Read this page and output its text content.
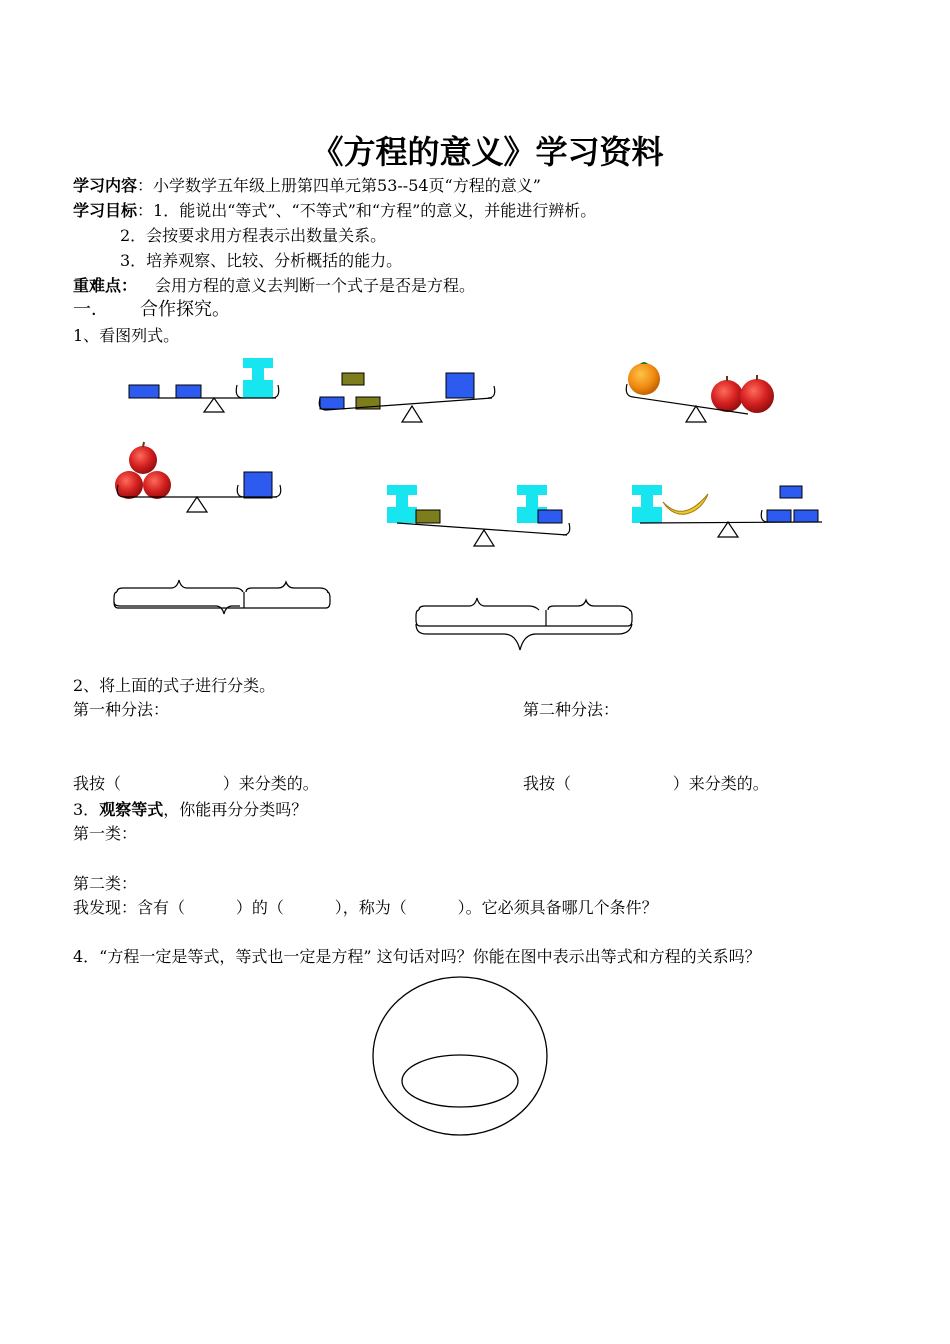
《方程的意义》学习资料
学习内容：小学数学五年级上册第四单元第53--54页“方程的意义”
学习目标：1．能说出“等式”、“不等式”和“方程”的意义，并能进行辨析。
2．会按要求用方程表示出数量关系。
3．培养观察、比较、分析概括的能力。
重难点： 会用方程的意义去判断一个式子是否是方程。
一． 合作探究。
1、看图列式。
2、将上面的式子进行分类。
第一种分法：	第二种分法：
我按（                    ）来分类的。	我按（                    ）来分类的。
3．观察等式，你能再分分类吗？
第一类：
第二类：
我发现：含有（          ）的（          ），称为（          ）。它必须具备哪几个条件？
4．“方程一定是等式，等式也一定是方程” 这句话对吗？你能在图中表示出等式和方程的关系吗？
